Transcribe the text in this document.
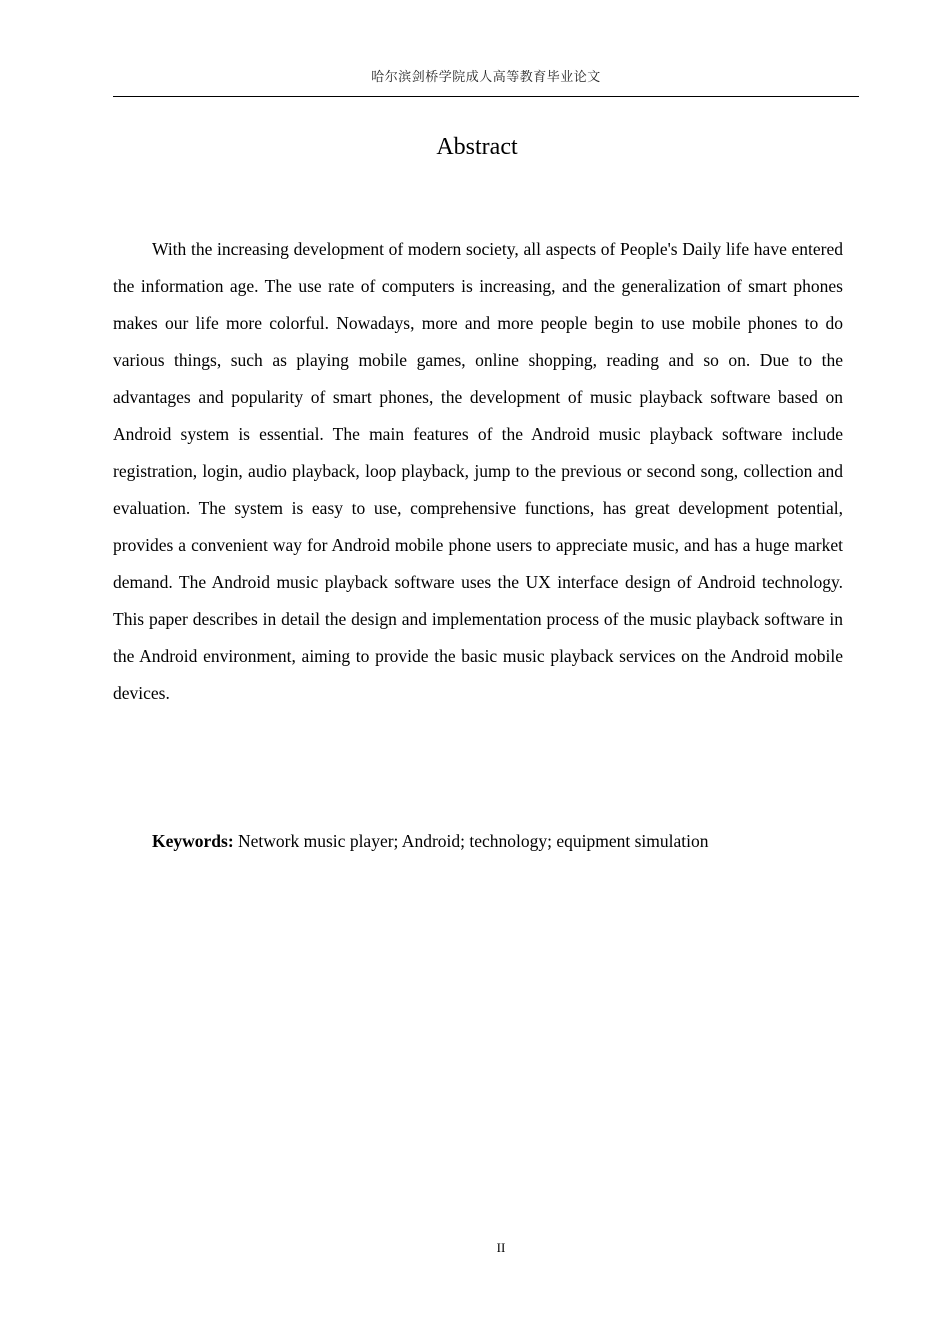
哈尔滨剑桥学院成人高等教育毕业论文
Abstract

With the increasing development of modern society, all aspects of People's Daily life have entered the information age. The use rate of computers is increasing, and the generalization of smart phones makes our life more colorful. Nowadays, more and more people begin to use mobile phones to do various things, such as playing mobile games, online shopping, reading and so on. Due to the advantages and popularity of smart phones, the development of music playback software based on Android system is essential. The main features of the Android music playback software include registration, login, audio playback, loop playback, jump to the previous or second song, collection and evaluation. The system is easy to use, comprehensive functions, has great development potential, provides a convenient way for Android mobile phone users to appreciate music, and has a huge market demand. The Android music playback software uses the UX interface design of Android technology. This paper describes in detail the design and implementation process of the music playback software in the Android environment, aiming to provide the basic music playback services on the Android mobile devices.

Keywords: Network music player; Android; technology; equipment simulation

II
